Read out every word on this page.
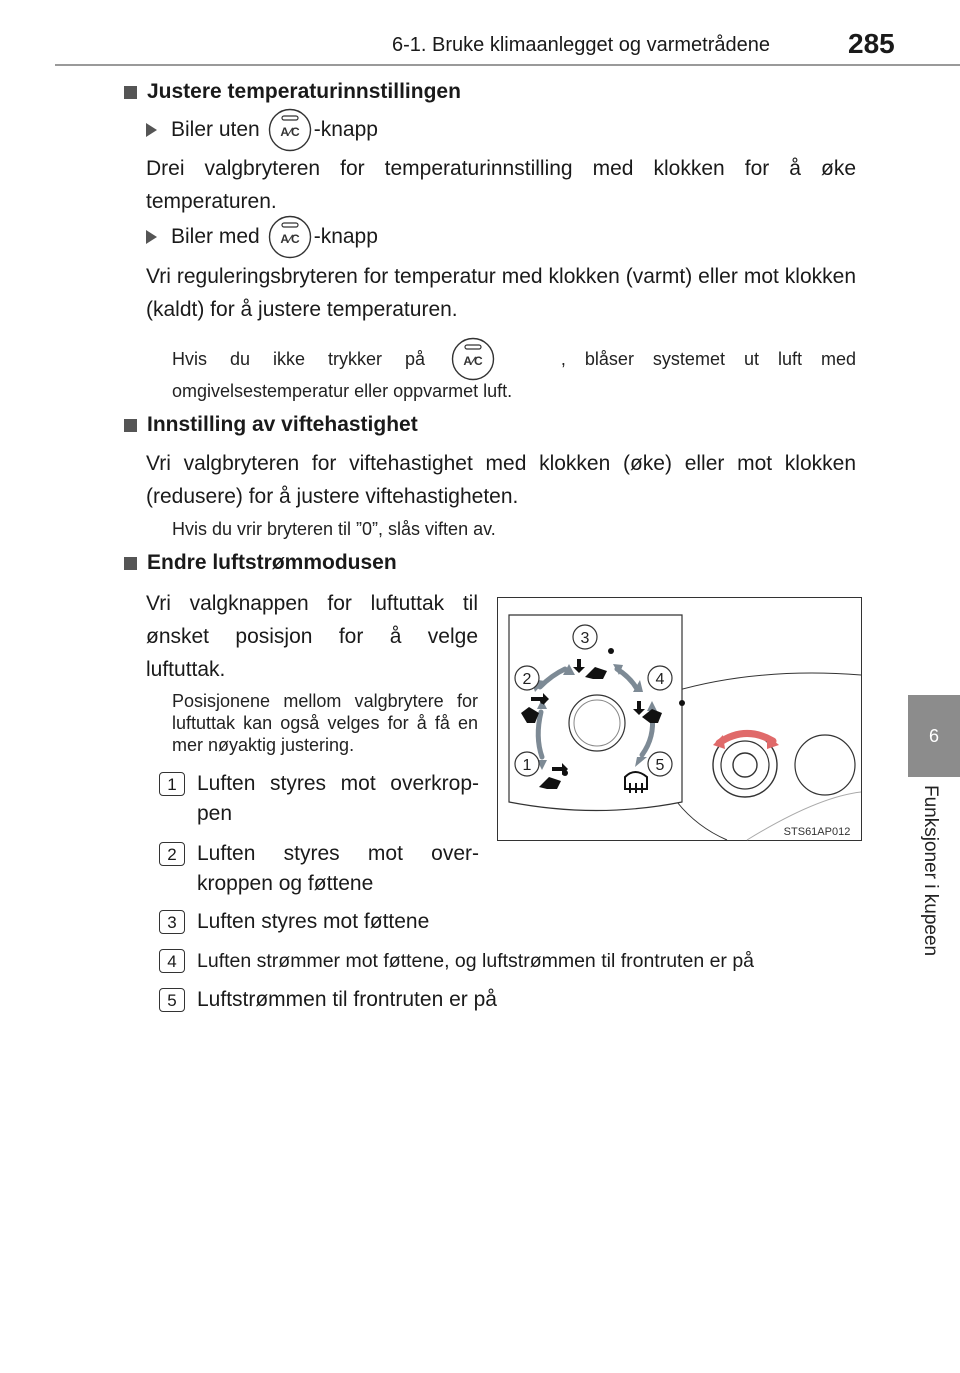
6-1. Bruke klimaanlegget og varmetrådene	285
6
Funksjoner i kupeen
Justere temperaturinnstillingen
Biler uten A∕C -knapp
Drei valgbryteren for temperaturinnstilling med klokken for å øke temperaturen.
Biler med A∕C -knapp
Vri reguleringsbryteren for temperatur med klokken (varmt) eller mot klokken (kaldt) for å justere temperaturen.
Hvis du ikke trykker på	A∕C	, blåser systemet ut luft med
omgivelsestemperatur eller oppvarmet luft.
Innstilling av viftehastighet
Vri valgbryteren for viftehastighet med klokken (øke) eller mot klokken (redusere) for å justere viftehastigheten.
Hvis du vrir bryteren til ”0”, slås viften av.
Endre luftstrømmodusen
Vri valgknappen for luftuttak til ønsket posisjon for å velge luftuttak.
Posisjonene mellom valgbrytere for luftuttak kan også velges for å få en mer nøyaktig justering.
1 Luften styres mot overkrop-pen
2 Luften styres mot over-kroppen og føttene
3 Luften styres mot føttene
4	Luften strømmer mot føttene, og luftstrømmen til frontruten er på
5 Luftstrømmen til frontruten er på
3
2	4
1	5
STS61AP012
